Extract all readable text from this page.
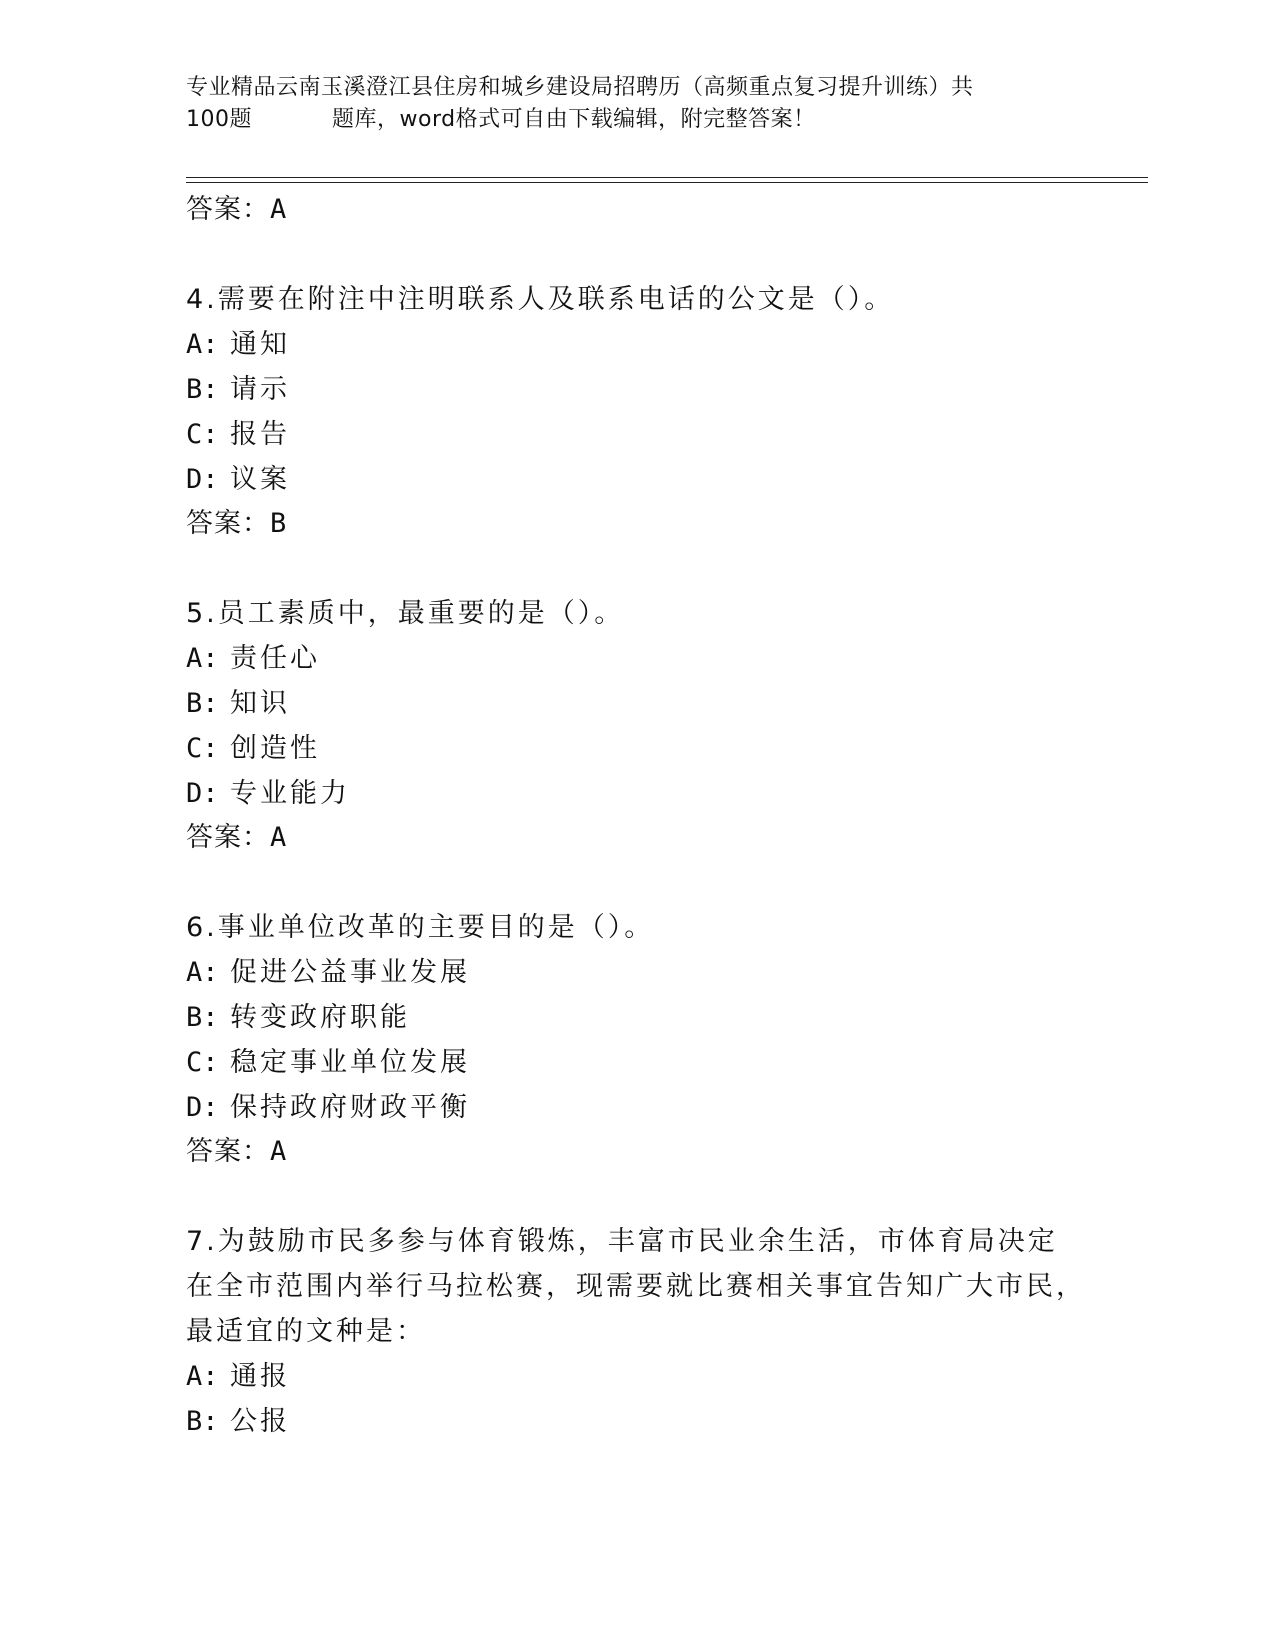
专业精品云南玉溪澄江县住房和城乡建设局招聘历（高频重点复习提升训练）共

100题	题库，word格式可自由下载编辑，附完整答案！
答案：A
4.需要在附注中注明联系人及联系电话的公文是（）。
A: 通知
B: 请示
C: 报告
D: 议案
答案：B
5.员工素质中，最重要的是（）。
A: 责任心
B: 知识
C: 创造性
D: 专业能力
答案：A
6.事业单位改革的主要目的是（）。
A: 促进公益事业发展
B: 转变政府职能
C: 稳定事业单位发展
D: 保持政府财政平衡
答案：A
7.为鼓励市民多参与体育锻炼，丰富市民业余生活，市体育局决定在全市范围内举行马拉松赛，现需要就比赛相关事宜告知广大市民，最适宜的文种是：
A: 通报
B: 公报
